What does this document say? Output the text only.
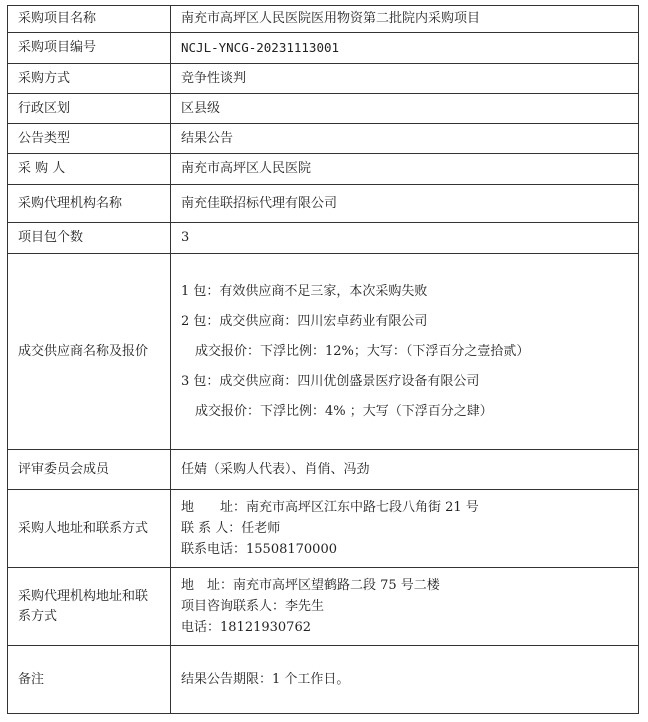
采购项目名称	南充市高坪区人民医院医用物资第二批院内采购项目
采购项目编号	NCJL-YNCG-20231113001
采购方式	竞争性谈判
行政区划	区县级
公告类型	结果公告
采 购 人	南充市高坪区人民医院
采购代理机构名称	南充佳联招标代理有限公司
项目包个数	3
成交供应商名称及报价	1 包：有效供应商不足三家，本次采购失败
2 包：成交供应商：四川宏卓药业有限公司
成交报价：下浮比例：12%；大写：（下浮百分之壹拾贰）
3 包：成交供应商：四川优创盛景医疗设备有限公司
成交报价：下浮比例：4% ；大写（下浮百分之肆）

评审委员会成员	任婧（采购人代表）、肖俏、冯劲
采购人地址和联系方式	地　　址：南充市高坪区江东中路七段八角街 21 号
联 系 人：任老师
联系电话：15508170000

采购代理机构地址和联系方式	地　址：南充市高坪区望鹤路二段 75 号二楼
项目咨询联系人：李先生
电话：18121930762

备注	结果公告期限：1 个工作日。
